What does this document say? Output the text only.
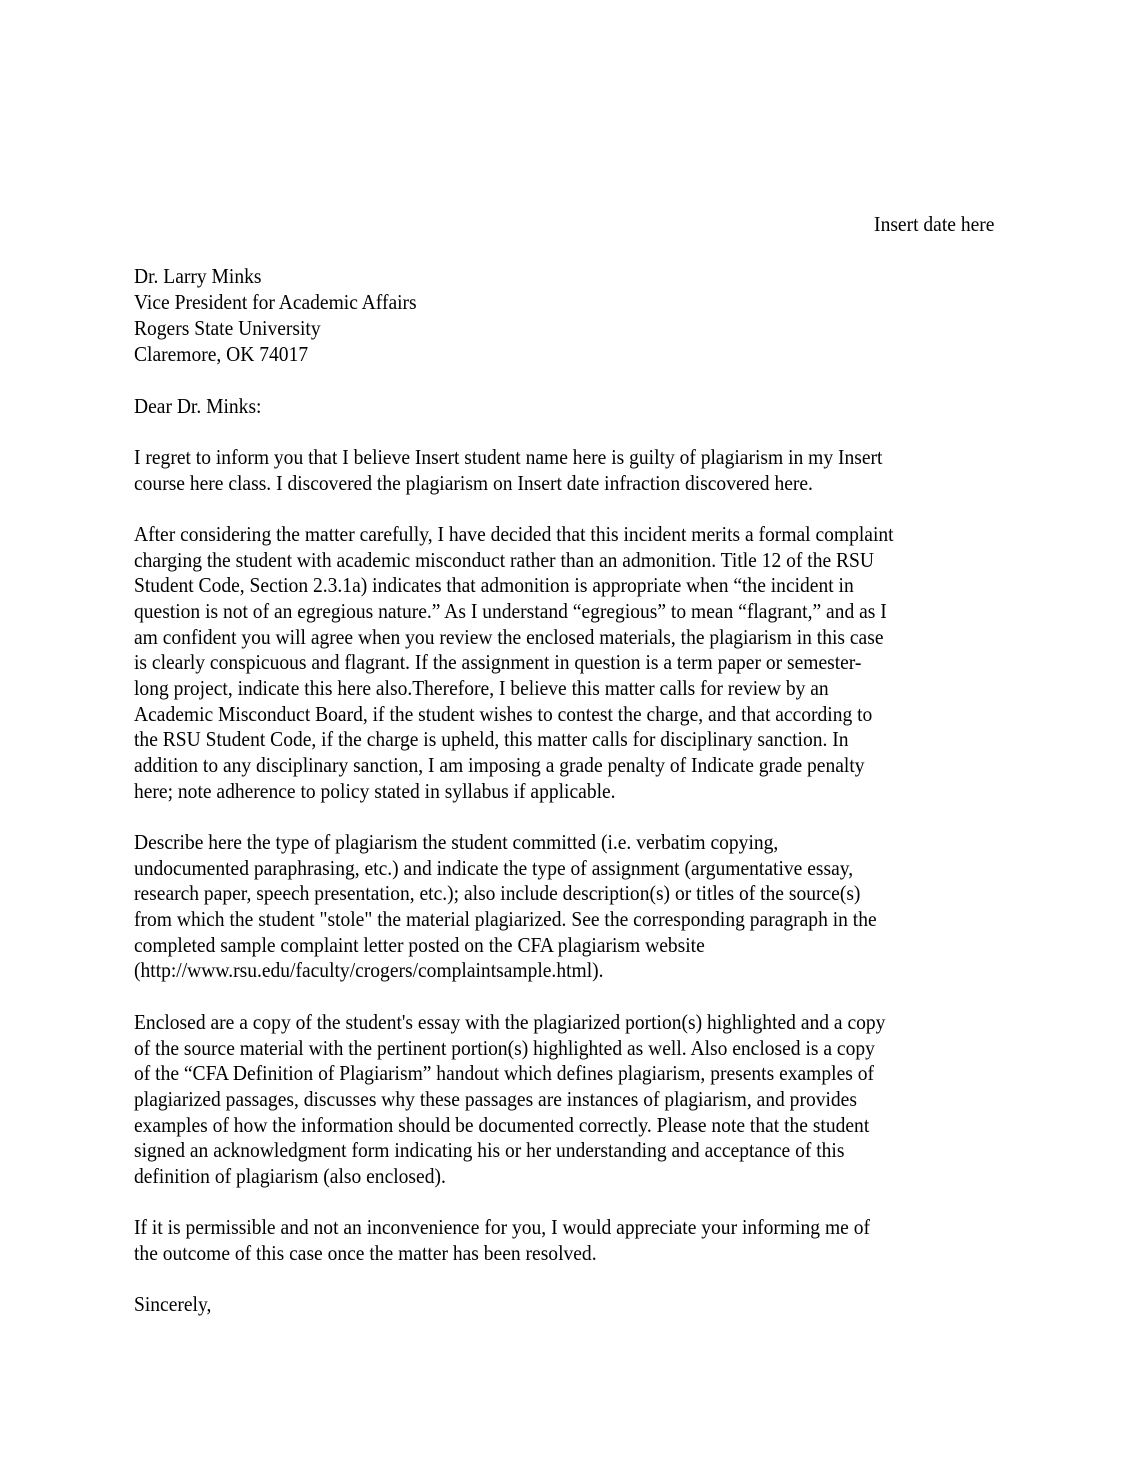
Insert date here
Dr. Larry Minks
Vice President for Academic Affairs
Rogers State University
Claremore, OK 74017
Dear Dr. Minks:
I regret to inform you that I believe Insert student name here is guilty of plagiarism in my Insert
course here class. I discovered the plagiarism on Insert date infraction discovered here.
After considering the matter carefully, I have decided that this incident merits a formal complaint
charging the student with academic misconduct rather than an admonition. Title 12 of the RSU
Student Code, Section 2.3.1a) indicates that admonition is appropriate when “the incident in
question is not of an egregious nature.” As I understand “egregious” to mean “flagrant,” and as I
am confident you will agree when you review the enclosed materials, the plagiarism in this case
is clearly conspicuous and flagrant. If the assignment in question is a term paper or semester-
long project, indicate this here also.Therefore, I believe this matter calls for review by an
Academic Misconduct Board, if the student wishes to contest the charge, and that according to
the RSU Student Code, if the charge is upheld, this matter calls for disciplinary sanction. In
addition to any disciplinary sanction, I am imposing a grade penalty of Indicate grade penalty
here; note adherence to policy stated in syllabus if applicable.
Describe here the type of plagiarism the student committed (i.e. verbatim copying,
undocumented paraphrasing, etc.) and indicate the type of assignment (argumentative essay,
research paper, speech presentation, etc.); also include description(s) or titles of the source(s)
from which the student "stole" the material plagiarized. See the corresponding paragraph in the
completed sample complaint letter posted on the CFA plagiarism website
(http://www.rsu.edu/faculty/crogers/complaintsample.html).
Enclosed are a copy of the student's essay with the plagiarized portion(s) highlighted and a copy
of the source material with the pertinent portion(s) highlighted as well. Also enclosed is a copy
of the “CFA Definition of Plagiarism” handout which defines plagiarism, presents examples of
plagiarized passages, discusses why these passages are instances of plagiarism, and provides
examples of how the information should be documented correctly. Please note that the student
signed an acknowledgment form indicating his or her understanding and acceptance of this
definition of plagiarism (also enclosed).
If it is permissible and not an inconvenience for you, I would appreciate your informing me of
the outcome of this case once the matter has been resolved.
Sincerely,
